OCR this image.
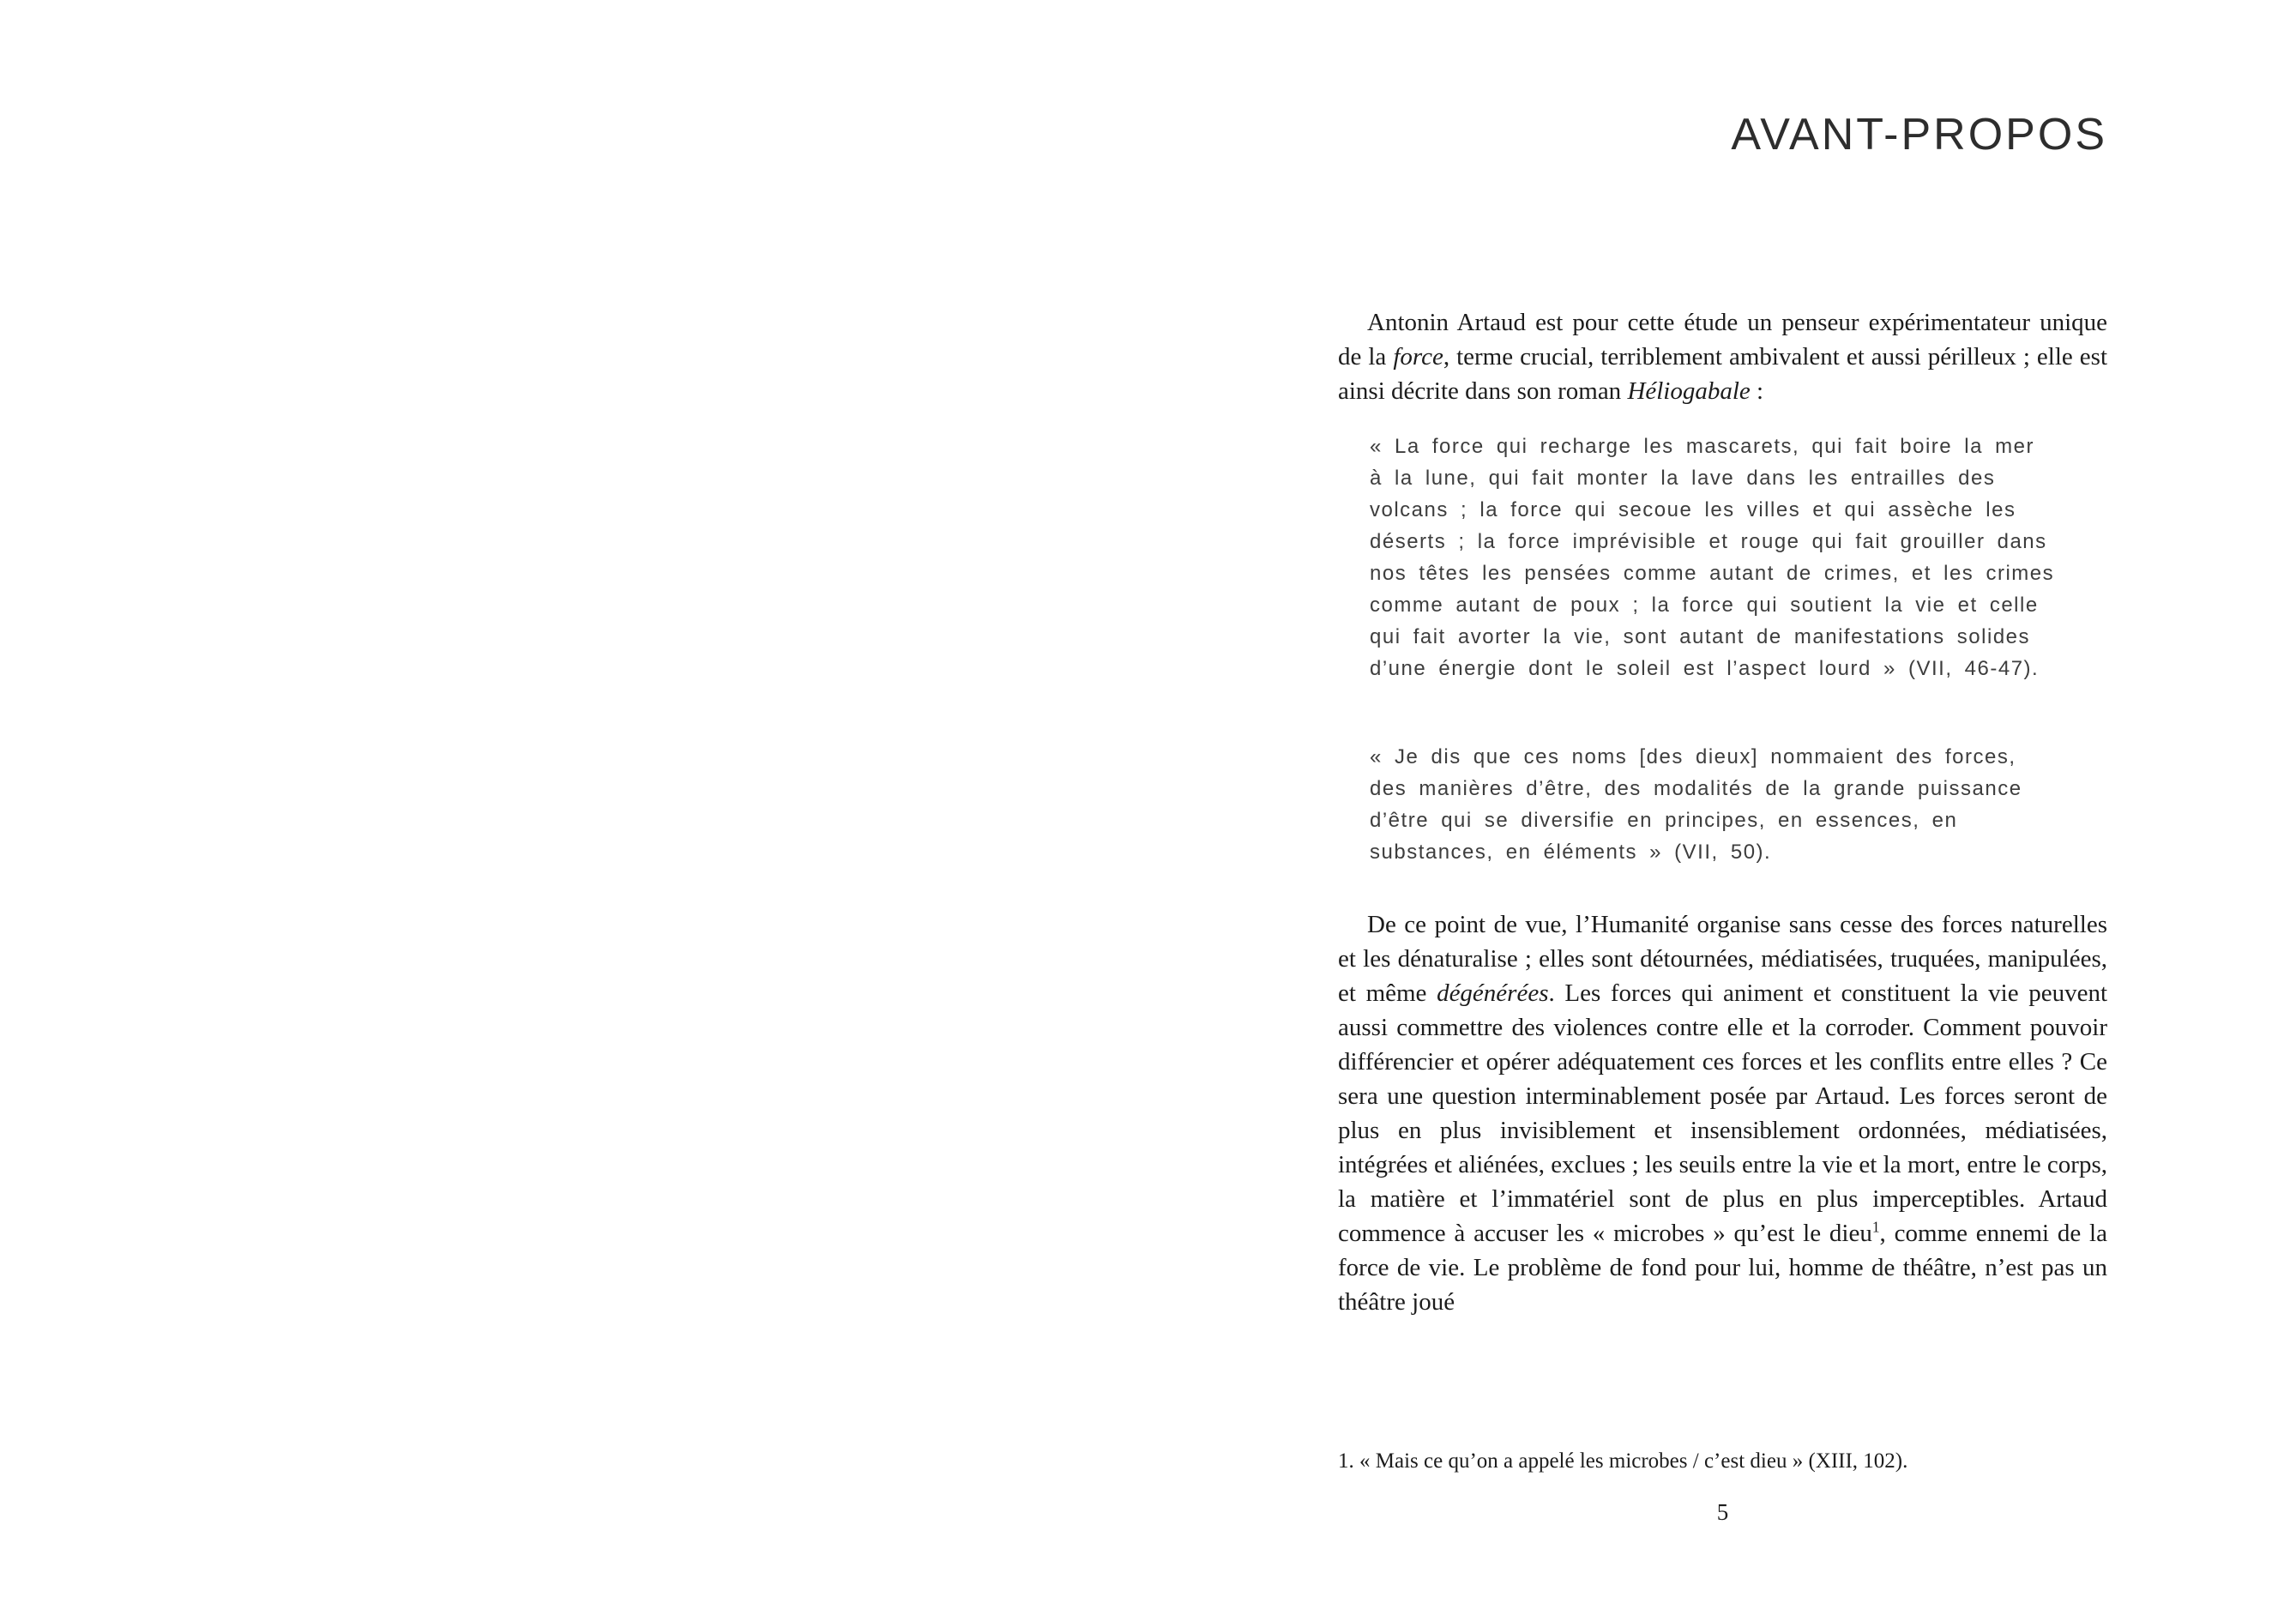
AVANT-PROPOS

Antonin Artaud est pour cette étude un penseur expérimentateur unique de la force, terme crucial, terriblement ambivalent et aussi périlleux ; elle est ainsi décrite dans son roman Héliogabale :

« La force qui recharge les mascarets, qui fait boire la mer à la lune, qui fait monter la lave dans les entrailles des volcans ; la force qui secoue les villes et qui assèche les déserts ; la force imprévisible et rouge qui fait grouiller dans nos têtes les pensées comme autant de crimes, et les crimes comme autant de poux ; la force qui soutient la vie et celle qui fait avorter la vie, sont autant de manifestations solides d’une énergie dont le soleil est l’aspect lourd » (VII, 46-47).
« Je dis que ces noms [des dieux] nommaient des forces, des manières d’être, des modalités de la grande puissance d’être qui se diversifie en principes, en essences, en substances, en éléments » (VII, 50).

De ce point de vue, l’Humanité organise sans cesse des forces naturelles et les dénaturalise ; elles sont détournées, médiatisées, truquées, manipulées, et même dégénérées. Les forces qui animent et constituent la vie peuvent aussi commettre des violences contre elle et la corroder. Comment pouvoir différencier et opérer adéquatement ces forces et les conflits entre elles ? Ce sera une question interminablement posée par Artaud. Les forces seront de plus en plus invisiblement et insensiblement ordonnées, médiatisées, intégrées et aliénées, exclues ; les seuils entre la vie et la mort, entre le corps, la matière et l’immatériel sont de plus en plus imperceptibles. Artaud commence à accuser les « microbes » qu’est le dieu$^1$, comme ennemi de la force de vie. Le problème de fond pour lui, homme de théâtre, n’est pas un théâtre joué

1. « Mais ce qu’on a appelé les microbes / c’est dieu » (XIII, 102).

5
